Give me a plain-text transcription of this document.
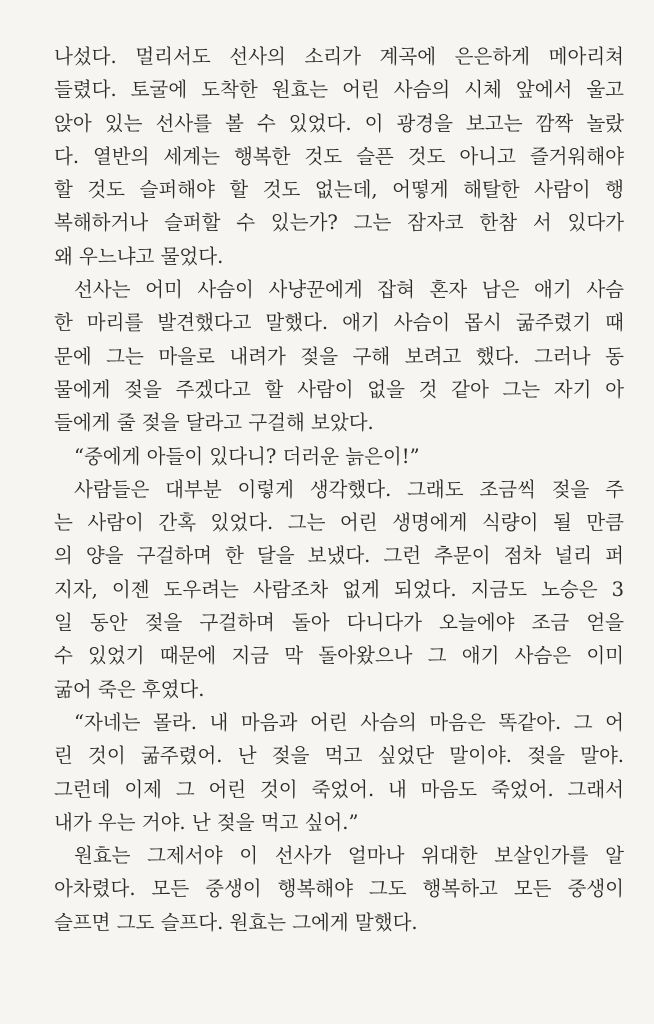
나섰다. 멀리서도 선사의 소리가 계곡에 은은하게 메아리쳐
들렸다. 토굴에 도착한 원효는 어린 사슴의 시체 앞에서 울고
앉아 있는 선사를 볼 수 있었다. 이 광경을 보고는 깜짝 놀랐
다. 열반의 세계는 행복한 것도 슬픈 것도 아니고 즐거워해야
할 것도 슬퍼해야 할 것도 없는데, 어떻게 해탈한 사람이 행
복해하거나 슬퍼할 수 있는가? 그는 잠자코 한참 서 있다가
왜 우느냐고 물었다.
선사는 어미 사슴이 사냥꾼에게 잡혀 혼자 남은 애기 사슴
한 마리를 발견했다고 말했다. 애기 사슴이 몹시 굶주렸기 때
문에 그는 마을로 내려가 젖을 구해 보려고 했다. 그러나 동
물에게 젖을 주겠다고 할 사람이 없을 것 같아 그는 자기 아
들에게 줄 젖을 달라고 구걸해 보았다.
“중에게 아들이 있다니? 더러운 늙은이!”
사람들은 대부분 이렇게 생각했다. 그래도 조금씩 젖을 주
는 사람이 간혹 있었다. 그는 어린 생명에게 식량이 될 만큼
의 양을 구걸하며 한 달을 보냈다. 그런 추문이 점차 널리 퍼
지자, 이젠 도우려는 사람조차 없게 되었다. 지금도 노승은 3
일 동안 젖을 구걸하며 돌아 다니다가 오늘에야 조금 얻을
수 있었기 때문에 지금 막 돌아왔으나 그 애기 사슴은 이미
굶어 죽은 후였다.
“자네는 몰라. 내 마음과 어린 사슴의 마음은 똑같아. 그 어
린 것이 굶주렸어. 난 젖을 먹고 싶었단 말이야. 젖을 말야.
그런데 이제 그 어린 것이 죽었어. 내 마음도 죽었어. 그래서
내가 우는 거야. 난 젖을 먹고 싶어.”
원효는 그제서야 이 선사가 얼마나 위대한 보살인가를 알
아차렸다. 모든 중생이 행복해야 그도 행복하고 모든 중생이
슬프면 그도 슬프다. 원효는 그에게 말했다.
